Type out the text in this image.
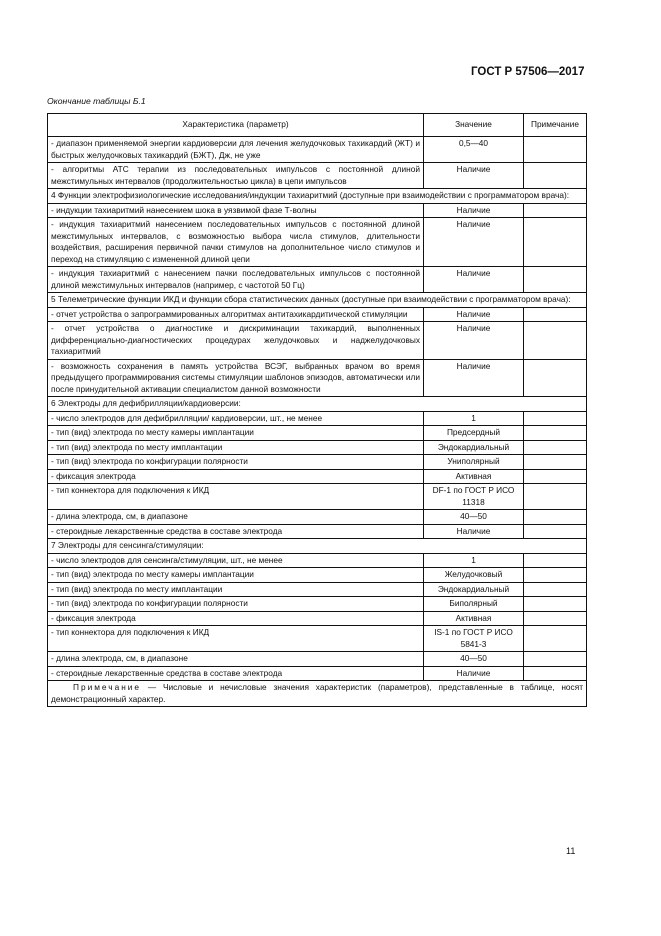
ГОСТ Р 57506—2017
Окончание таблицы Б.1
Характеристика (параметр)	Значение	Примечание
- диапазон применяемой энергии кардиоверсии для лечения желудочковых тахикардий (ЖТ) и быстрых желудочковых тахикардий (БЖТ), Дж, не уже	0,5—40	
- алгоритмы АТС терапии из последовательных импульсов с постоянной длиной межстимульных интервалов (продолжительностью цикла) в цепи импульсов	Наличие	
4 Функции электрофизиологические исследования/индукции тахиаритмий (доступные при взаимодействии с программатором врача):		
- индукции тахиаритмий нанесением шока в уязвимой фазе Т-волны	Наличие	
- индукция тахиаритмий нанесением последовательных импульсов с постоянной длиной межстимульных интервалов, с возможностью выбора числа стимулов, длительности воздействия, расширения первичной пачки стимулов на дополнительное число стимулов и переход на стимуляцию с измененной длиной цепи	Наличие	
- индукция тахиаритмий с нанесением пачки последовательных импульсов с постоянной длиной межстимульных интервалов (например, с частотой 50 Гц)	Наличие	
5 Телеметрические функции ИКД и функции сбора статистических данных (доступные при взаимодействии с программатором врача):		
- отчет устройства о запрограммированных алгоритмах антитахикардитической стимуляции	Наличие	
- отчет устройства о диагностике и дискриминации тахикардий, выполненных дифференциально-диагностических процедурах желудочковых и наджелудочковых тахиаритмий	Наличие	
- возможность сохранения в память устройства ВСЭГ, выбранных врачом во время предыдущего программирования системы стимуляции шаблонов эпизодов, автоматически или после принудительной активации специалистом данной возможности	Наличие	
6 Электроды для дефибрилляции/кардиоверсии:		
- число электродов для дефибрилляции/ кардиоверсии, шт., не менее	1	
- тип (вид) электрода по месту камеры имплантации	Предсердный	
- тип (вид) электрода по месту имплантации	Эндокардиальный	
- тип (вид) электрода по конфигурации полярности	Униполярный	
- фиксация электрода	Активная	
- тип коннектора для подключения к ИКД	DF-1 по ГОСТ Р ИСО 11318	
- длина электрода, см, в диапазоне	40—50	
- стероидные лекарственные средства в составе электрода	Наличие	
7 Электроды для сенсинга/стимуляции:		
- число электродов для сенсинга/стимуляции, шт., не менее	1	
- тип (вид) электрода по месту камеры имплантации	Желудочковый	
- тип (вид) электрода по месту имплантации	Эндокардиальный	
- тип (вид) электрода по конфигурации полярности	Биполярный	
- фиксация электрода	Активная	
- тип коннектора для подключения к ИКД	IS-1 по ГОСТ Р ИСО 5841-3	
- длина электрода, см, в диапазоне	40—50	
- стероидные лекарственные средства в составе электрода	Наличие	
Примечание — Числовые и нечисловые значения характеристик (параметров), представленные в таблице, носят демонстрационный характер.		
11
